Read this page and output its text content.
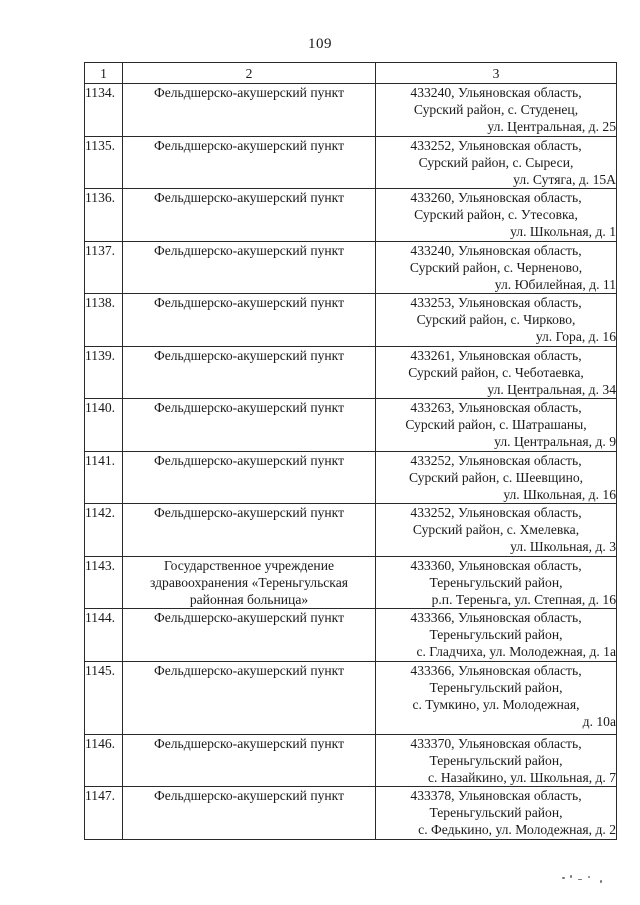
109
1	2	3
1134.	Фельдшерско-акушерский пункт	433240, Ульяновская область,
Сурский район, с. Студенец,
ул. Центральная, д. 25

1135.	Фельдшерско-акушерский пункт	433252, Ульяновская область,
Сурский район, с. Сыреси,
ул. Сутяга, д. 15А

1136.	Фельдшерско-акушерский пункт	433260, Ульяновская область,
Сурский район, с. Утесовка,
ул. Школьная, д. 1

1137.	Фельдшерско-акушерский пункт	433240, Ульяновская область,
Сурский район, с. Черненово,
ул. Юбилейная, д. 11

1138.	Фельдшерско-акушерский пункт	433253, Ульяновская область,
Сурский район, с. Чирково,
ул. Гора, д. 16

1139.	Фельдшерско-акушерский пункт	433261, Ульяновская область,
Сурский район, с. Чеботаевка,
ул. Центральная, д. 34

1140.	Фельдшерско-акушерский пункт	433263, Ульяновская область,
Сурский район, с. Шатрашаны,
ул. Центральная, д. 9

1141.	Фельдшерско-акушерский пункт	433252, Ульяновская область,
Сурский район, с. Шеевщино,
ул. Школьная, д. 16

1142.	Фельдшерско-акушерский пункт	433252, Ульяновская область,
Сурский район, с. Хмелевка,
ул. Школьная, д. 3

1143.	Государственное учреждение здравоохранения «Тереньгульская районная больница»	433360, Ульяновская область,
Тереньгульский район,
р.п. Тереньга, ул. Степная, д. 16

1144.	Фельдшерско-акушерский пункт	433366, Ульяновская область,
Тереньгульский район,
с. Гладчиха, ул. Молодежная, д. 1а

1145.	Фельдшерско-акушерский пункт	433366, Ульяновская область,
Тереньгульский район,
с. Тумкино, ул. Молодежная,
д. 10а

1146.	Фельдшерско-акушерский пункт	433370, Ульяновская область,
Тереньгульский район,
с. Назайкино, ул. Школьная, д. 7

1147.	Фельдшерско-акушерский пункт	433378, Ульяновская область,
Тереньгульский район,
с. Федькино, ул. Молодежная, д. 2
